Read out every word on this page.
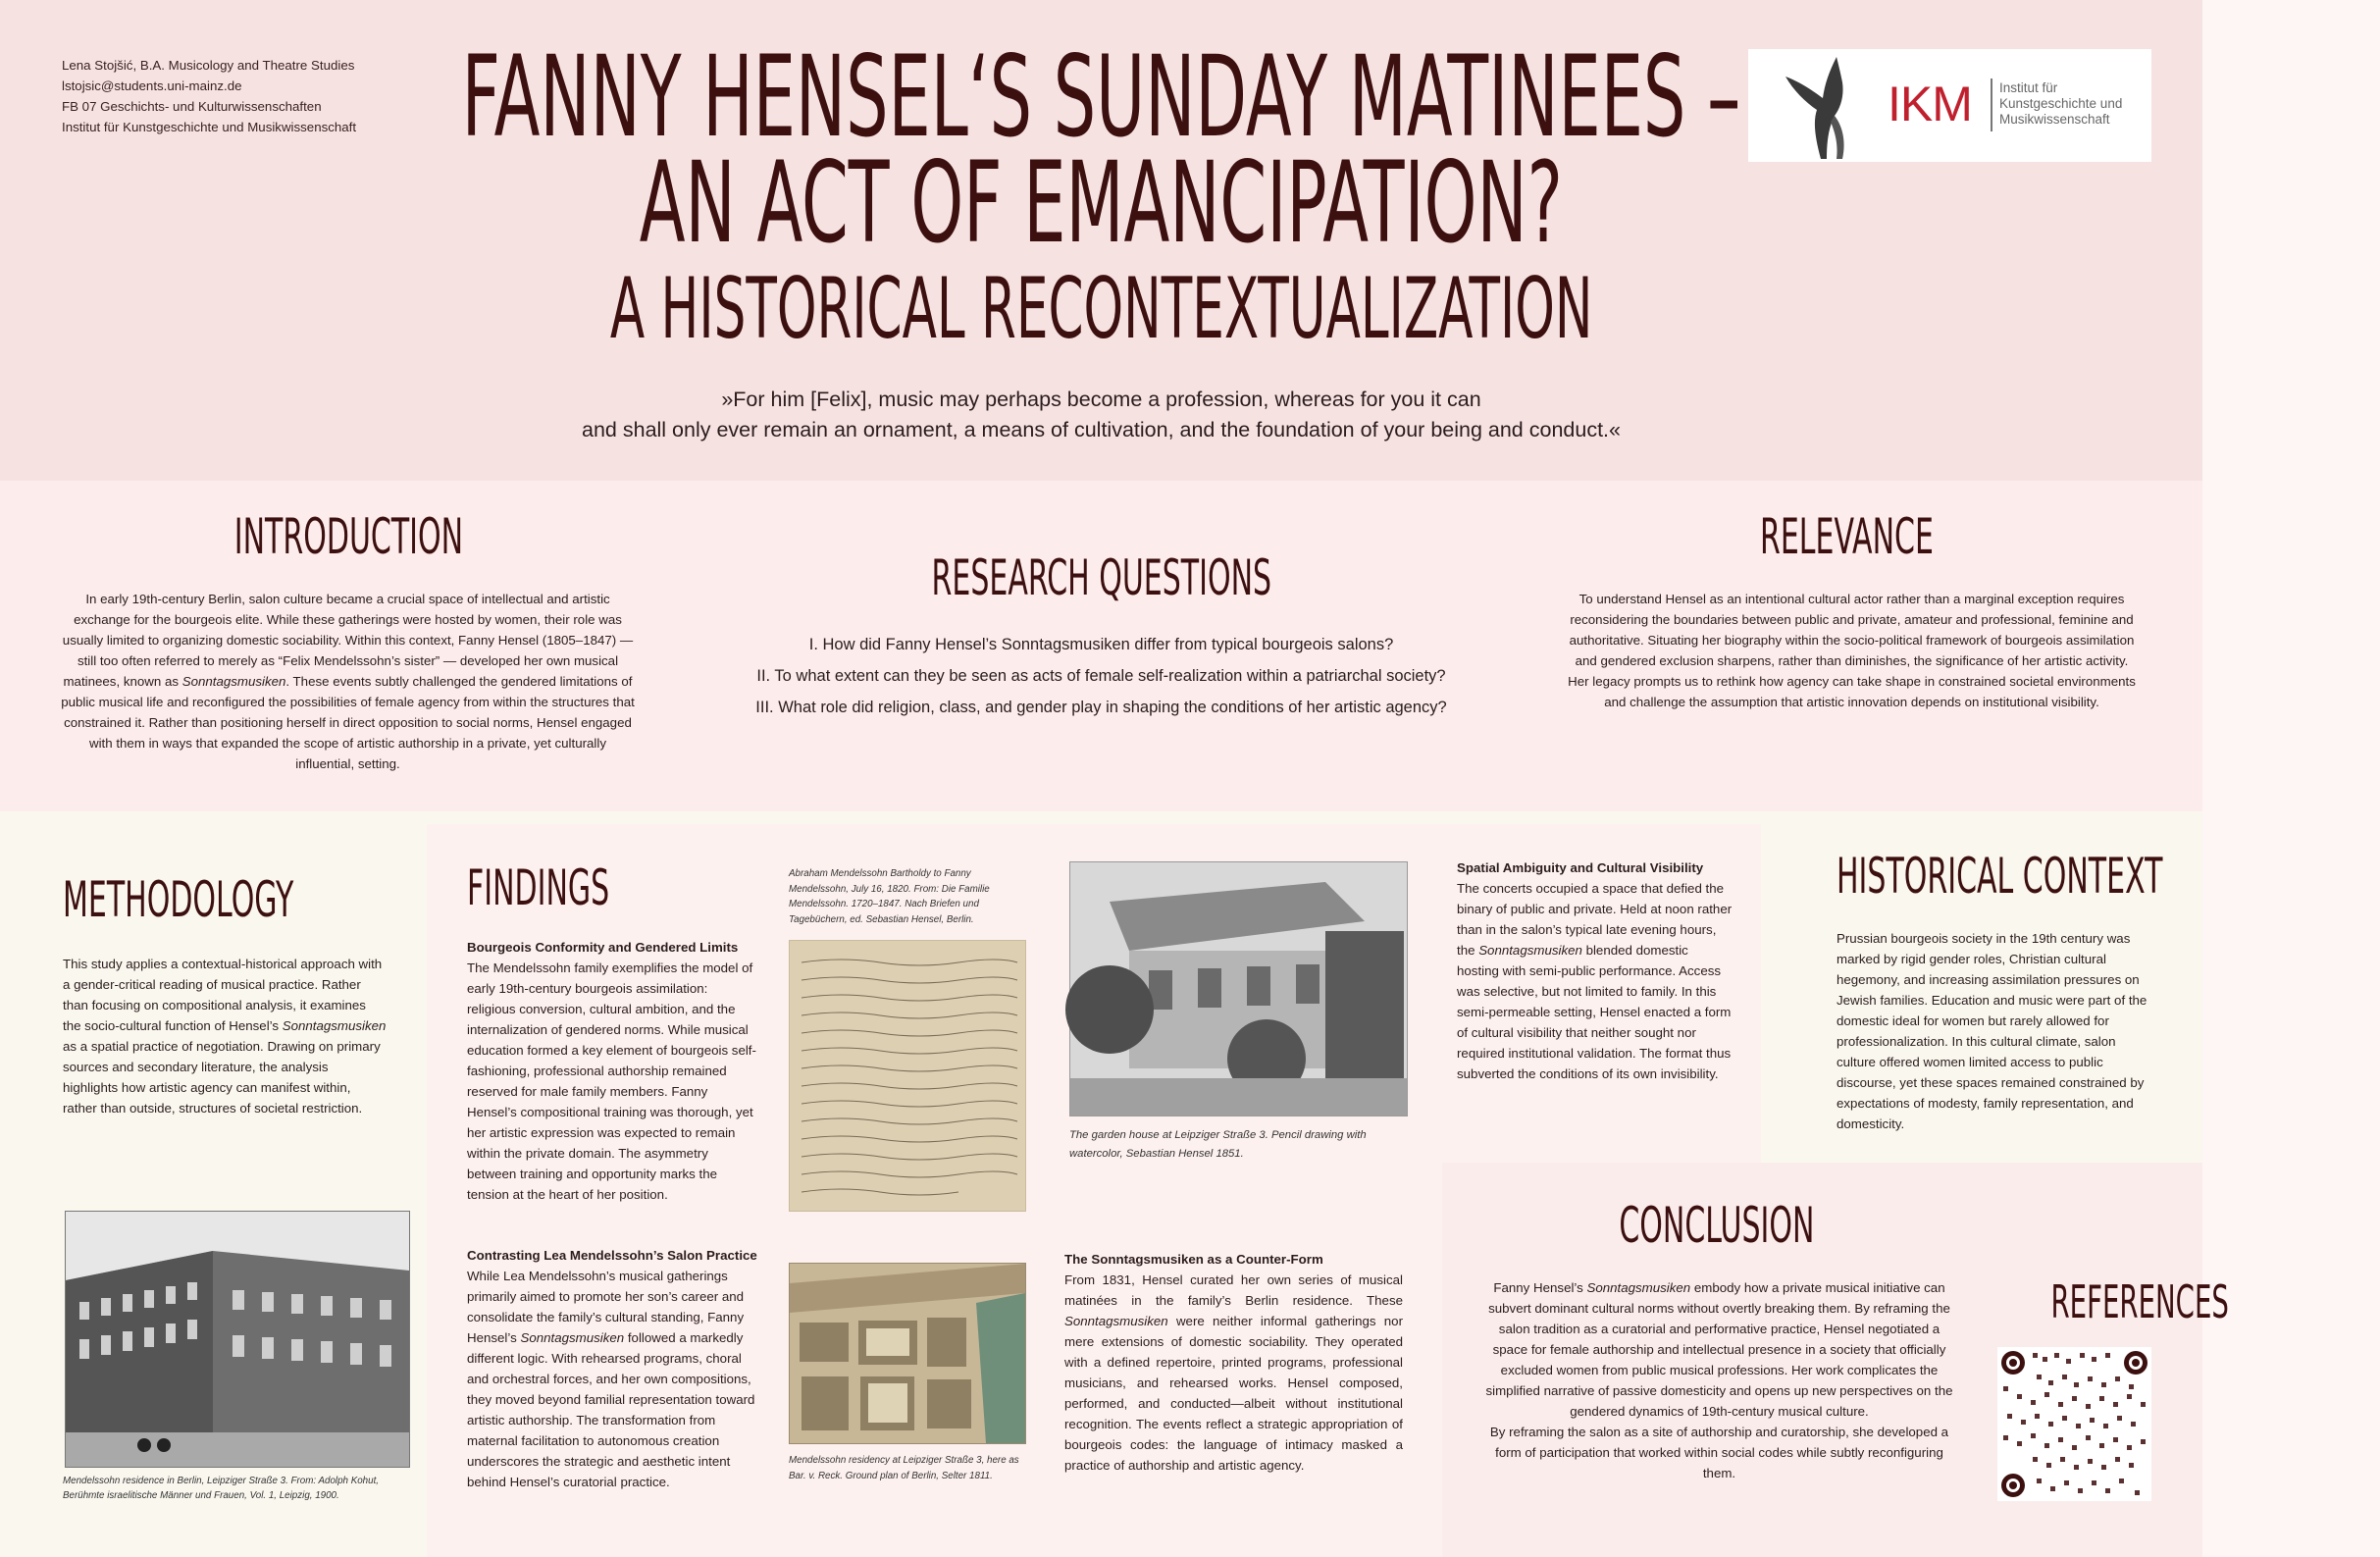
Lena Stojšić, B.A. Musicology and Theatre Studies
lstojsic@students.uni-mainz.de
FB 07 Geschichts- und Kulturwissenschaften
Institut für Kunstgeschichte und Musikwissenschaft	IKM Institut für
Kunstgeschichte und
Musikwissenschaft
FANNY HENSEL‘S SUNDAY MATINEES –
AN ACT OF EMANCIPATION?
A HISTORICAL RECONTEXTUALIZATION
»For him [Felix], music may perhaps become a profession, whereas for you it can
and shall only ever remain an ornament, a means of cultivation, and the foundation of your being and conduct.«
INTRODUCTION
In early 19th-century Berlin, salon culture became a crucial space of intellectual and artistic exchange for the bourgeois elite. While these gatherings were hosted by women, their role was usually limited to organizing domestic sociability. Within this context, Fanny Hensel (1805–1847) — still too often referred to merely as “Felix Mendelssohn’s sister” — developed her own musical matinees, known as Sonntagsmusiken. These events subtly challenged the gendered limitations of public musical life and reconfigured the possibilities of female agency from within the structures that constrained it. Rather than positioning herself in direct opposition to social norms, Hensel engaged with them in ways that expanded the scope of artistic authorship in a private, yet culturally influential, setting.
RESEARCH QUESTIONS
I. How did Fanny Hensel’s Sonntagsmusiken differ from typical bourgeois salons?
II. To what extent can they be seen as acts of female self-realization within a patriarchal society?
III. What role did religion, class, and gender play in shaping the conditions of her artistic agency?
RELEVANCE
To understand Hensel as an intentional cultural actor rather than a marginal exception requires reconsidering the boundaries between public and private, amateur and professional, feminine and authoritative. Situating her biography within the socio-political framework of bourgeois assimilation and gendered exclusion sharpens, rather than diminishes, the significance of her artistic activity. Her legacy prompts us to rethink how agency can take shape in constrained societal environments and challenge the assumption that artistic innovation depends on institutional visibility.
METHODOLOGY
This study applies a contextual-historical approach with a gender-critical reading of musical practice. Rather than focusing on compositional analysis, it examines the socio-cultural function of Hensel’s Sonntagsmusiken as a spatial practice of negotiation. Drawing on primary sources and secondary literature, the analysis highlights how artistic agency can manifest within, rather than outside, structures of societal restriction.
Mendelssohn residence in Berlin, Leipziger Straße 3. From: Adolph Kohut, Berühmte israelitische Männer und Frauen, Vol. 1, Leipzig, 1900.
FINDINGS
Bourgeois Conformity and Gendered Limits
The Mendelssohn family exemplifies the model of early 19th-century bourgeois assimilation: religious conversion, cultural ambition, and the internalization of gendered norms. While musical education formed a key element of bourgeois self-fashioning, professional authorship remained reserved for male family members. Fanny Hensel’s compositional training was thorough, yet her artistic expression was expected to remain within the private domain. The asymmetry between training and opportunity marks the tension at the heart of her position.
Contrasting Lea Mendelssohn’s Salon Practice
While Lea Mendelssohn’s musical gatherings primarily aimed to promote her son’s career and consolidate the family’s cultural standing, Fanny Hensel’s Sonntagsmusiken followed a markedly different logic. With rehearsed programs, choral and orchestral forces, and her own compositions, they moved beyond familial representation toward artistic authorship. The transformation from maternal facilitation to autonomous creation underscores the strategic and aesthetic intent behind Hensel’s curatorial practice.
Abraham Mendelssohn Bartholdy to Fanny Mendelssohn, July 16, 1820. From: Die Familie Mendelssohn. 1720–1847. Nach Briefen und Tagebüchern, ed. Sebastian Hensel, Berlin.
Mendelssohn residency at Leipziger Straße 3, here as Bar. v. Reck. Ground plan of Berlin, Selter 1811.
The garden house at Leipziger Straße 3. Pencil drawing with watercolor, Sebastian Hensel 1851.
The Sonntagsmusiken as a Counter-Form
From 1831, Hensel curated her own series of musical matinées in the family’s Berlin residence. These Sonntagsmusiken were neither informal gatherings nor mere extensions of domestic sociability. They operated with a defined repertoire, printed programs, professional musicians, and rehearsed works. Hensel composed, performed, and conducted—albeit without institutional recognition. The events reflect a strategic appropriation of bourgeois codes: the language of intimacy masked a practice of authorship and artistic agency.
Spatial Ambiguity and Cultural Visibility
The concerts occupied a space that defied the binary of public and private. Held at noon rather than in the salon’s typical late evening hours, the Sonntagsmusiken blended domestic hosting with semi-public performance. Access was selective, but not limited to family. In this semi-permeable setting, Hensel enacted a form of cultural visibility that neither sought nor required institutional validation. The format thus subverted the conditions of its own invisibility.
HISTORICAL CONTEXT
Prussian bourgeois society in the 19th century was marked by rigid gender roles, Christian cultural hegemony, and increasing assimilation pressures on Jewish families. Education and music were part of the domestic ideal for women but rarely allowed for professionalization. In this cultural climate, salon culture offered women limited access to public discourse, yet these spaces remained constrained by expectations of modesty, family representation, and domesticity.
CONCLUSION
Fanny Hensel’s Sonntagsmusiken embody how a private musical initiative can subvert dominant cultural norms without overtly breaking them. By reframing the salon tradition as a curatorial and performative practice, Hensel negotiated a space for female authorship and intellectual presence in a society that officially excluded women from public musical professions. Her work complicates the simplified narrative of passive domesticity and opens up new perspectives on the gendered dynamics of 19th-century musical culture.
By reframing the salon as a site of authorship and curatorship, she developed a form of participation that worked within social codes while subtly reconfiguring them.
REFERENCES
